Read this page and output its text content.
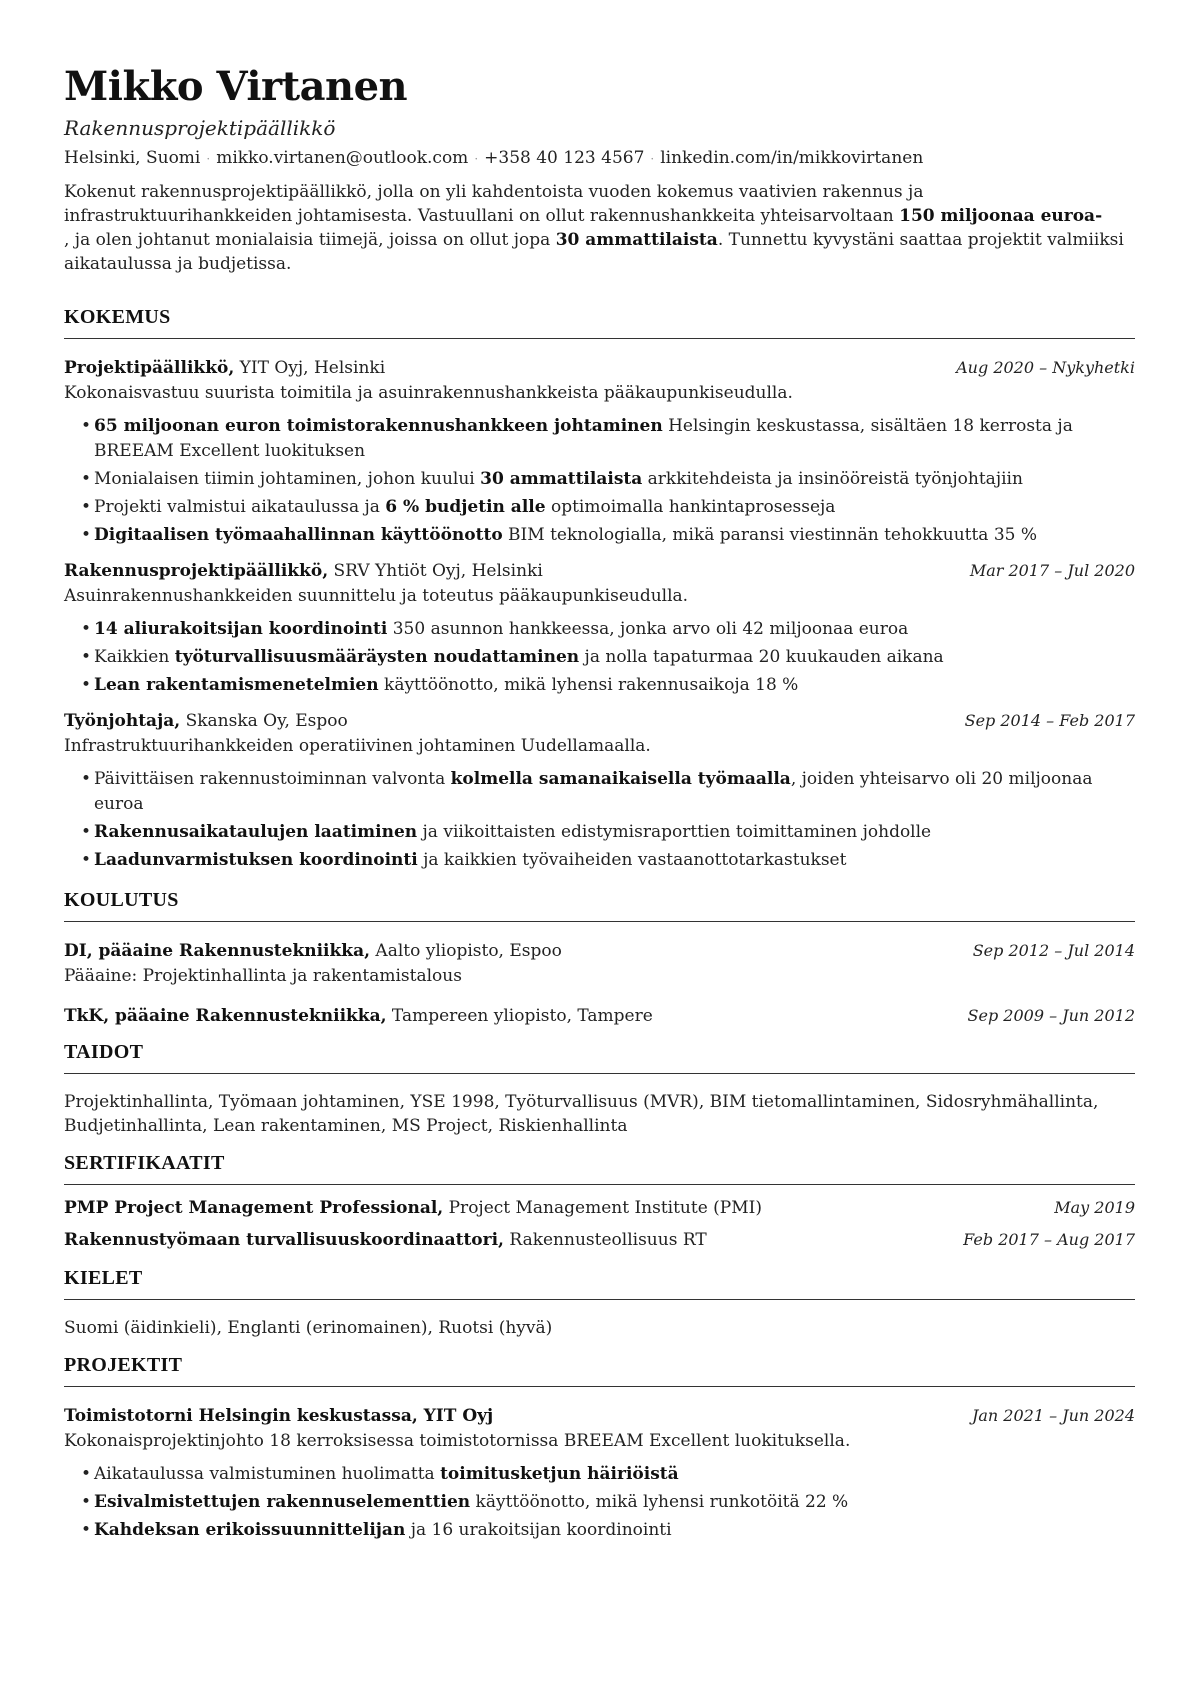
Mikko Virtanen
Rakennusprojektipäällikkö
Helsinki, Suomi · mikko.virtanen@outlook.com · +358 40 123 4567 · linkedin.com/in/mikkovirtanen
Kokenut rakennusprojektipäällikkö, jolla on yli kahdentoista vuoden kokemus vaativien rakennus ja infrastruktuurihankkeiden johtamisesta. Vastuullani on ollut rakennushankkeita yhteisarvoltaan 150 miljoonaa euroa-
, ja olen johtanut monialaisia tiimejä, joissa on ollut jopa 30 ammattilaista. Tunnettu kyvystäni saattaa projektit valmiiksi aikataulussa ja budjetissa.
KOKEMUS
Projektipäällikkö, YIT Oyj, Helsinki	Aug 2020 – Nykyhetki
Kokonaisvastuu suurista toimitila ja asuinrakennushankkeista pääkaupunkiseudulla.
• 65 miljoonan euron toimistorakennushankkeen johtaminen Helsingin keskustassa, sisältäen 18 kerrosta ja BREEAM Excellent luokituksen
• Monialaisen tiimin johtaminen, johon kuului 30 ammattilaista arkkitehdeista ja insinööreistä työnjohtajiin
• Projekti valmistui aikataulussa ja 6 % budjetin alle optimoimalla hankintaprosesseja
• Digitaalisen työmaahallinnan käyttöönotto BIM teknologialla, mikä paransi viestinnän tehokkuutta 35 %
Rakennusprojektipäällikkö, SRV Yhtiöt Oyj, Helsinki	Mar 2017 – Jul 2020
Asuinrakennushankkeiden suunnittelu ja toteutus pääkaupunkiseudulla.
• 14 aliurakoitsijan koordinointi 350 asunnon hankkeessa, jonka arvo oli 42 miljoonaa euroa
• Kaikkien työturvallisuusmääräysten noudattaminen ja nolla tapaturmaa 20 kuukauden aikana
• Lean rakentamismenetelmien käyttöönotto, mikä lyhensi rakennusaikoja 18 %
Työnjohtaja, Skanska Oy, Espoo	Sep 2014 – Feb 2017
Infrastruktuurihankkeiden operatiivinen johtaminen Uudellamaalla.
• Päivittäisen rakennustoiminnan valvonta kolmella samanaikaisella työmaalla, joiden yhteisarvo oli 20 miljoonaa euroa
• Rakennusaikataulujen laatiminen ja viikoittaisten edistymisraporttien toimittaminen johdolle
• Laadunvarmistuksen koordinointi ja kaikkien työvaiheiden vastaanottotarkastukset
KOULUTUS
DI, pääaine Rakennustekniikka, Aalto yliopisto, Espoo	Sep 2012 – Jul 2014
Pääaine: Projektinhallinta ja rakentamistalous
TkK, pääaine Rakennustekniikka, Tampereen yliopisto, Tampere	Sep 2009 – Jun 2012
TAIDOT
Projektinhallinta, Työmaan johtaminen, YSE 1998, Työturvallisuus (MVR), BIM tietomallintaminen, Sidosryhmähallinta, Budjetinhallinta, Lean rakentaminen, MS Project, Riskienhallinta
SERTIFIKAATIT
PMP Project Management Professional, Project Management Institute (PMI)	May 2019
Rakennustyömaan turvallisuuskoordinaattori, Rakennusteollisuus RT	Feb 2017 – Aug 2017
KIELET
Suomi (äidinkieli), Englanti (erinomainen), Ruotsi (hyvä)
PROJEKTIT
Toimistotorni Helsingin keskustassa, YIT Oyj	Jan 2021 – Jun 2024
Kokonaisprojektinjohto 18 kerroksisessa toimistotornissa BREEAM Excellent luokituksella.
• Aikataulussa valmistuminen huolimatta toimitusketjun häiriöistä
• Esivalmistettujen rakennuselementtien käyttöönotto, mikä lyhensi runkotöitä 22 %
• Kahdeksan erikoissuunnittelijan ja 16 urakoitsijan koordinointi
